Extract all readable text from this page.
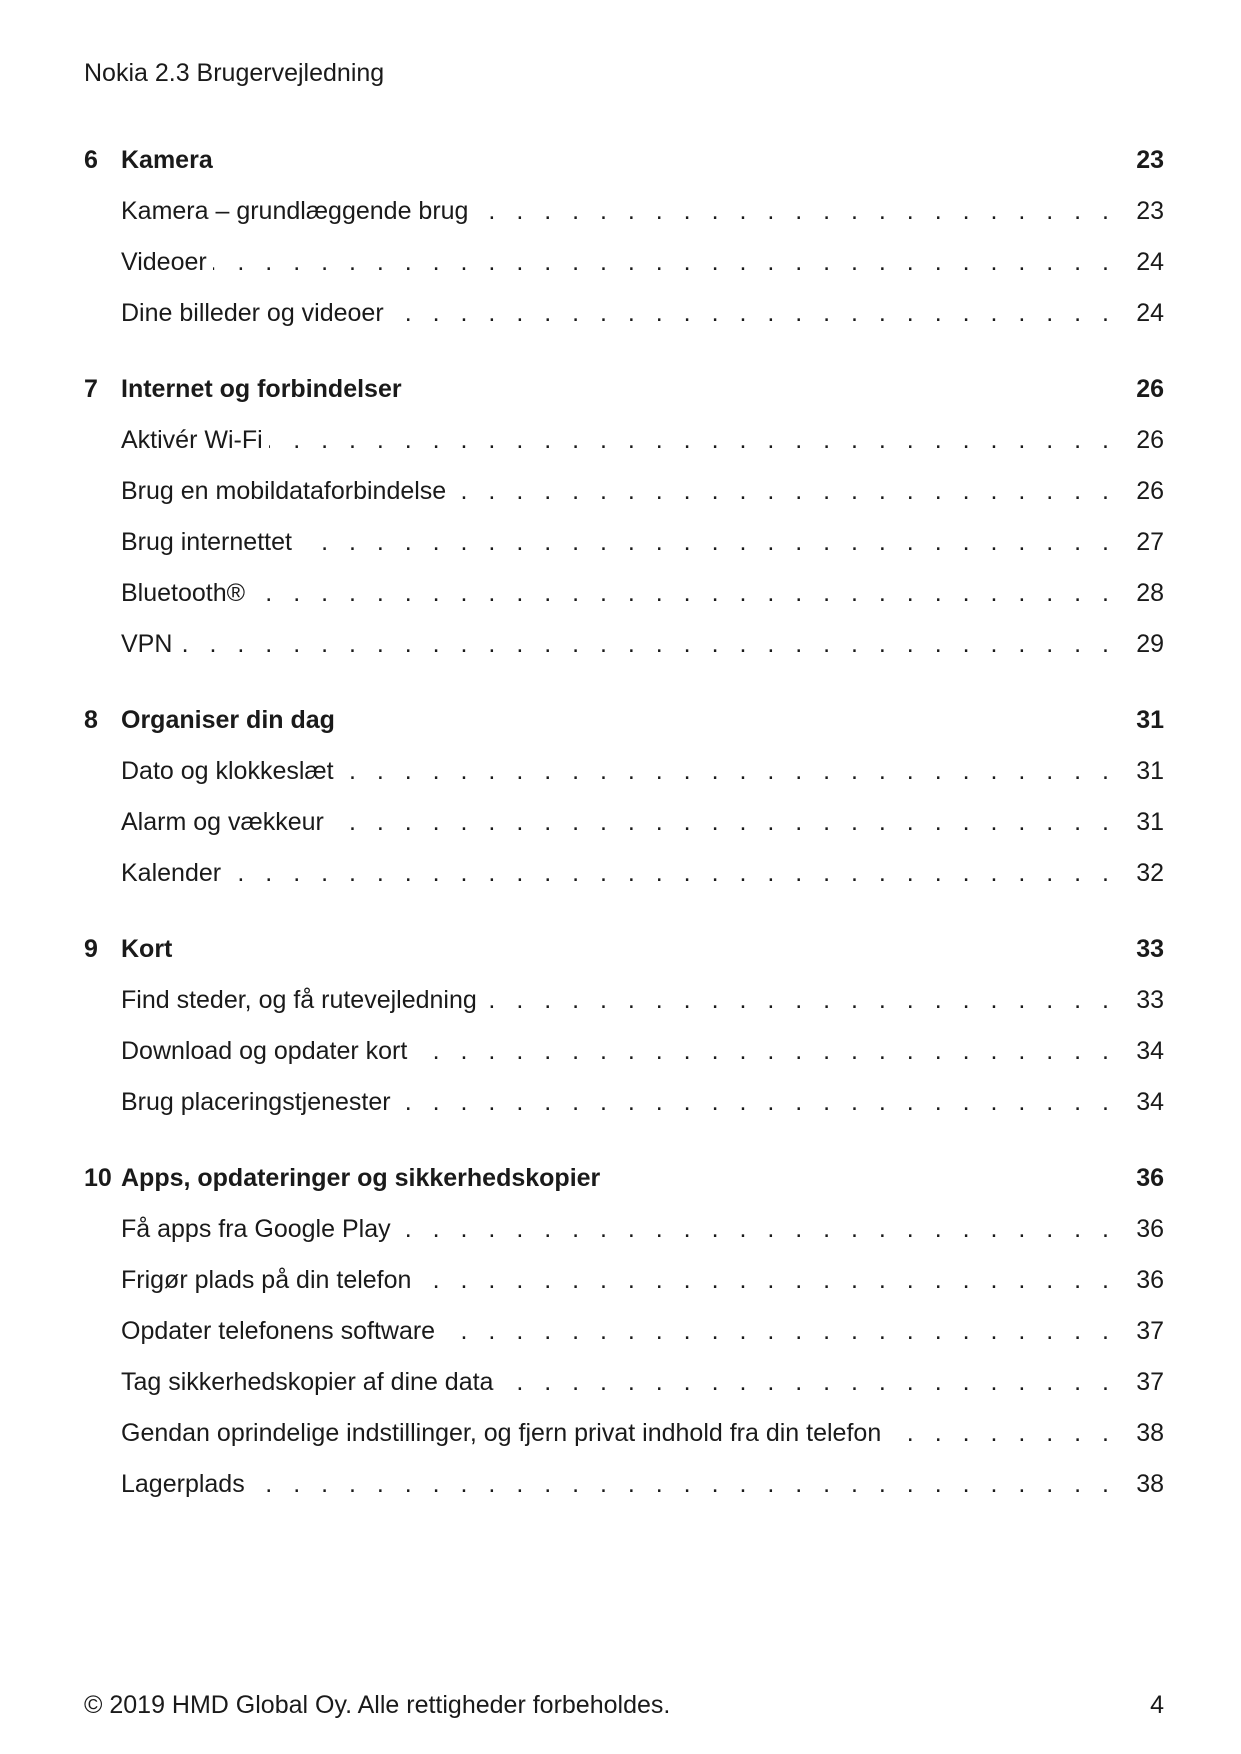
Nokia 2.3 Brugervejledning
6 Kamera	23
Kamera – grundlæggende brug . . .	23
Videoer . . .	24
Dine billeder og videoer . . .	24
7 Internet og forbindelser	26
Aktivér Wi-Fi . . .	26
Brug en mobildataforbindelse . . .	26
Brug internettet . . .	27
Bluetooth® . . .	28
VPN . . .	29
8 Organiser din dag	31
Dato og klokkeslæt . . .	31
Alarm og vækkeur . . .	31
Kalender . . .	32
9 Kort	33
Find steder, og få rutevejledning . . .	33
Download og opdater kort . . .	34
Brug placeringstjenester . . .	34
10 Apps, opdateringer og sikkerhedskopier	36
Få apps fra Google Play . . .	36
Frigør plads på din telefon . . .	36
Opdater telefonens software . . .	37
Tag sikkerhedskopier af dine data . . .	37
Gendan oprindelige indstillinger, og fjern privat indhold fra din telefon . . .	38
Lagerplads . . .	38
© 2019 HMD Global Oy. Alle rettigheder forbeholdes.	4
